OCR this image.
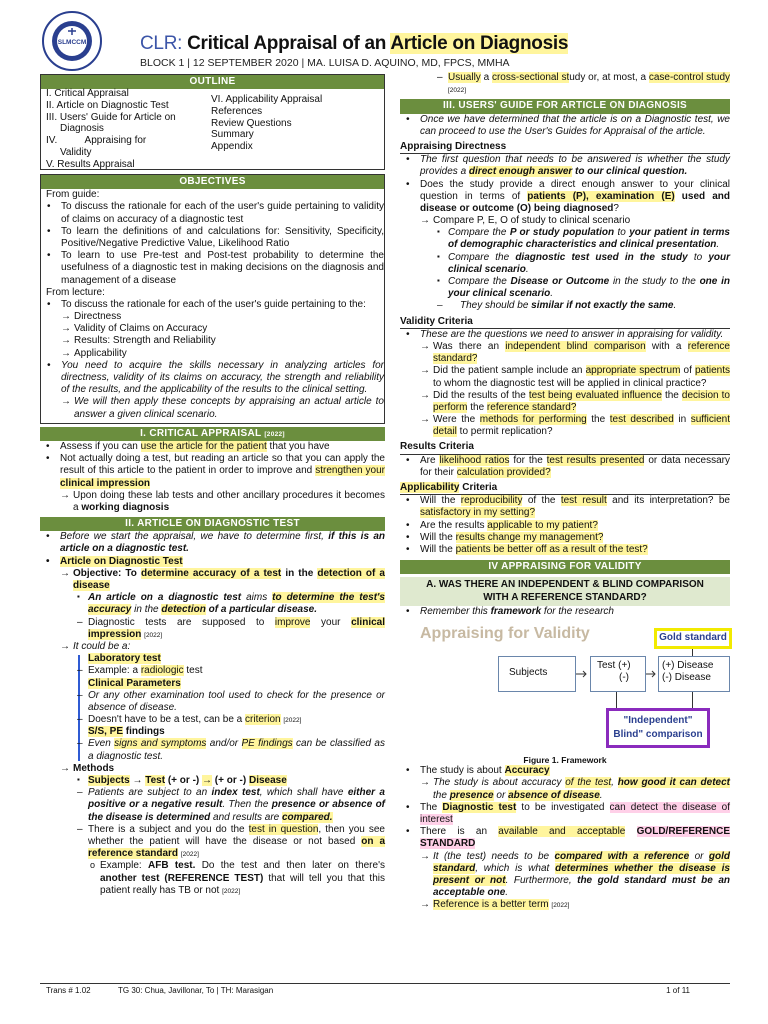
SLMCCM	CLR: Critical Appraisal of an Article on Diagnosis
BLOCK 1 | 12 SEPTEMBER 2020 | MA. LUISA D. AQUINO, MD, FPCS, MMHA
OUTLINE
I. Critical Appraisal
II. Article on Diagnostic Test
III. Users' Guide for Article on
Diagnosis
IV.          Appraising for
Validity
V. Results Appraisal
VI. Applicability Appraisal
References
Review Questions
Summary
Appendix
OBJECTIVES
From guide:
• To discuss the rationale for each of the user's guide pertaining to validity of claims on accuracy of a diagnostic test
• To learn the definitions of and calculations for: Sensitivity, Specificity, Positive/Negative Predictive Value, Likelihood Ratio
• To learn to use Pre-test and Post-test probability to determine the usefulness of a diagnostic test in making decisions on the diagnosis and management of a disease
From lecture:
• To discuss the rationale for each of the user's guide pertaining to the:
→ Directness
→ Validity of Claims on Accuracy
→ Results: Strength and Reliability
→ Applicability
• You need to acquire the skills necessary in analyzing articles for directness, validity of its claims on accuracy, the strength and reliability of the results, and the applicability of the results to the clinical setting.
→ We will then apply these concepts by appraising an actual article to answer a given clinical scenario.
I. CRITICAL APPRAISAL [2022]
• Assess if you can use the article for the patient that you have
• Not actually doing a test, but reading an article so that you can apply the result of this article to the patient in order to improve and strengthen your clinical impression
→ Upon doing these lab tests and other ancillary procedures it becomes a working diagnosis
II. ARTICLE ON DIAGNOSTIC TEST
• Before we start the appraisal, we have to determine first, if this is an article on a diagnostic test.
• Article on Diagnostic Test
→ Objective: To determine accuracy of a test in the detection of a disease
▪ An article on a diagnostic test aims to determine the test's accuracy in the detection of a particular disease.
– Diagnostic tests are supposed to improve your clinical impression [2022]
→ It could be a:
Laboratory test
– Example: a radiologic test
Clinical Parameters
– Or any other examination tool used to check for the presence or absence of disease.
– Doesn't have to be a test, can be a criterion [2022]
S/S, PE findings
– Even signs and symptoms and/or PE findings can be classified as a diagnostic test.
→ Methods
▪ Subjects → Test (+ or -) → (+ or -) Disease
– Patients are subject to an index test, which shall have either a positive or a negative result. Then the presence or absence of the disease is determined and results are compared.
– There is a subject and you do the test in question, then you see whether the patient will have the disease or not based on a reference standard [2022]
o Example: AFB test. Do the test and then later on there's another test (REFERENCE TEST) that will tell you that this patient really has TB or not [2022]
– Usually a cross-sectional study or, at most, a case-control study [2022]
III. USERS' GUIDE FOR ARTICLE ON DIAGNOSIS
• Once we have determined that the article is on a Diagnostic test, we can proceed to use the User's Guides for Appraisal of the article.
Appraising Directness
• The first question that needs to be answered is whether the study provides a direct enough answer to our clinical question.
• Does the study provide a direct enough answer to your clinical question in terms of patients (P), examination (E) used and disease or outcome (O) being diagnosed?
→ Compare P, E, O of study to clinical scenario
▪ Compare the P or study population to your patient in terms of demographic characteristics and clinical presentation.
▪ Compare the diagnostic test used in the study to your clinical scenario.
▪ Compare the Disease or Outcome in the study to the one in your clinical scenario.
– They should be similar if not exactly the same.
Validity Criteria
• These are the questions we need to answer in appraising for validity.
→ Was there an independent blind comparison with a reference standard?
→ Did the patient sample include an appropriate spectrum of patients to whom the diagnostic test will be applied in clinical practice?
→ Did the results of the test being evaluated influence the decision to perform the reference standard?
→ Were the methods for performing the test described in sufficient detail to permit replication?
Results Criteria
• Are likelihood ratios for the test results presented or data necessary for their calculation provided?
Applicability Criteria
• Will the reproducibility of the test result and its interpretation? be satisfactory in my setting?
• Are the results applicable to my patient?
• Will the results change my management?
• Will the patients be better off as a result of the test?
IV APPRAISING FOR VALIDITY
A. WAS THERE AN INDEPENDENT & BLIND COMPARISON WITH A REFERENCE STANDARD?
• Remember this framework for the research
Appraising for Validity
Subjects
Test (+)
(-)
(+) Disease
(-) Disease
Gold standard
"Independent"
Blind" comparison
Figure 1. Framework
• The study is about Accuracy
→ The study is about accuracy of the test, how good it can detect the presence or absence of disease.
• The Diagnostic test to be investigated can detect the disease of interest
• There is an available and acceptable GOLD/REFERENCE STANDARD
→ It (the test) needs to be compared with a reference or gold standard, which is what determines whether the disease is present or not. Furthermore, the gold standard must be an acceptable one.
→ Reference is a better term [2022]
Trans # 1.02	TG 30: Chua, Javillonar, To | TH: Marasigan	1 of 11
